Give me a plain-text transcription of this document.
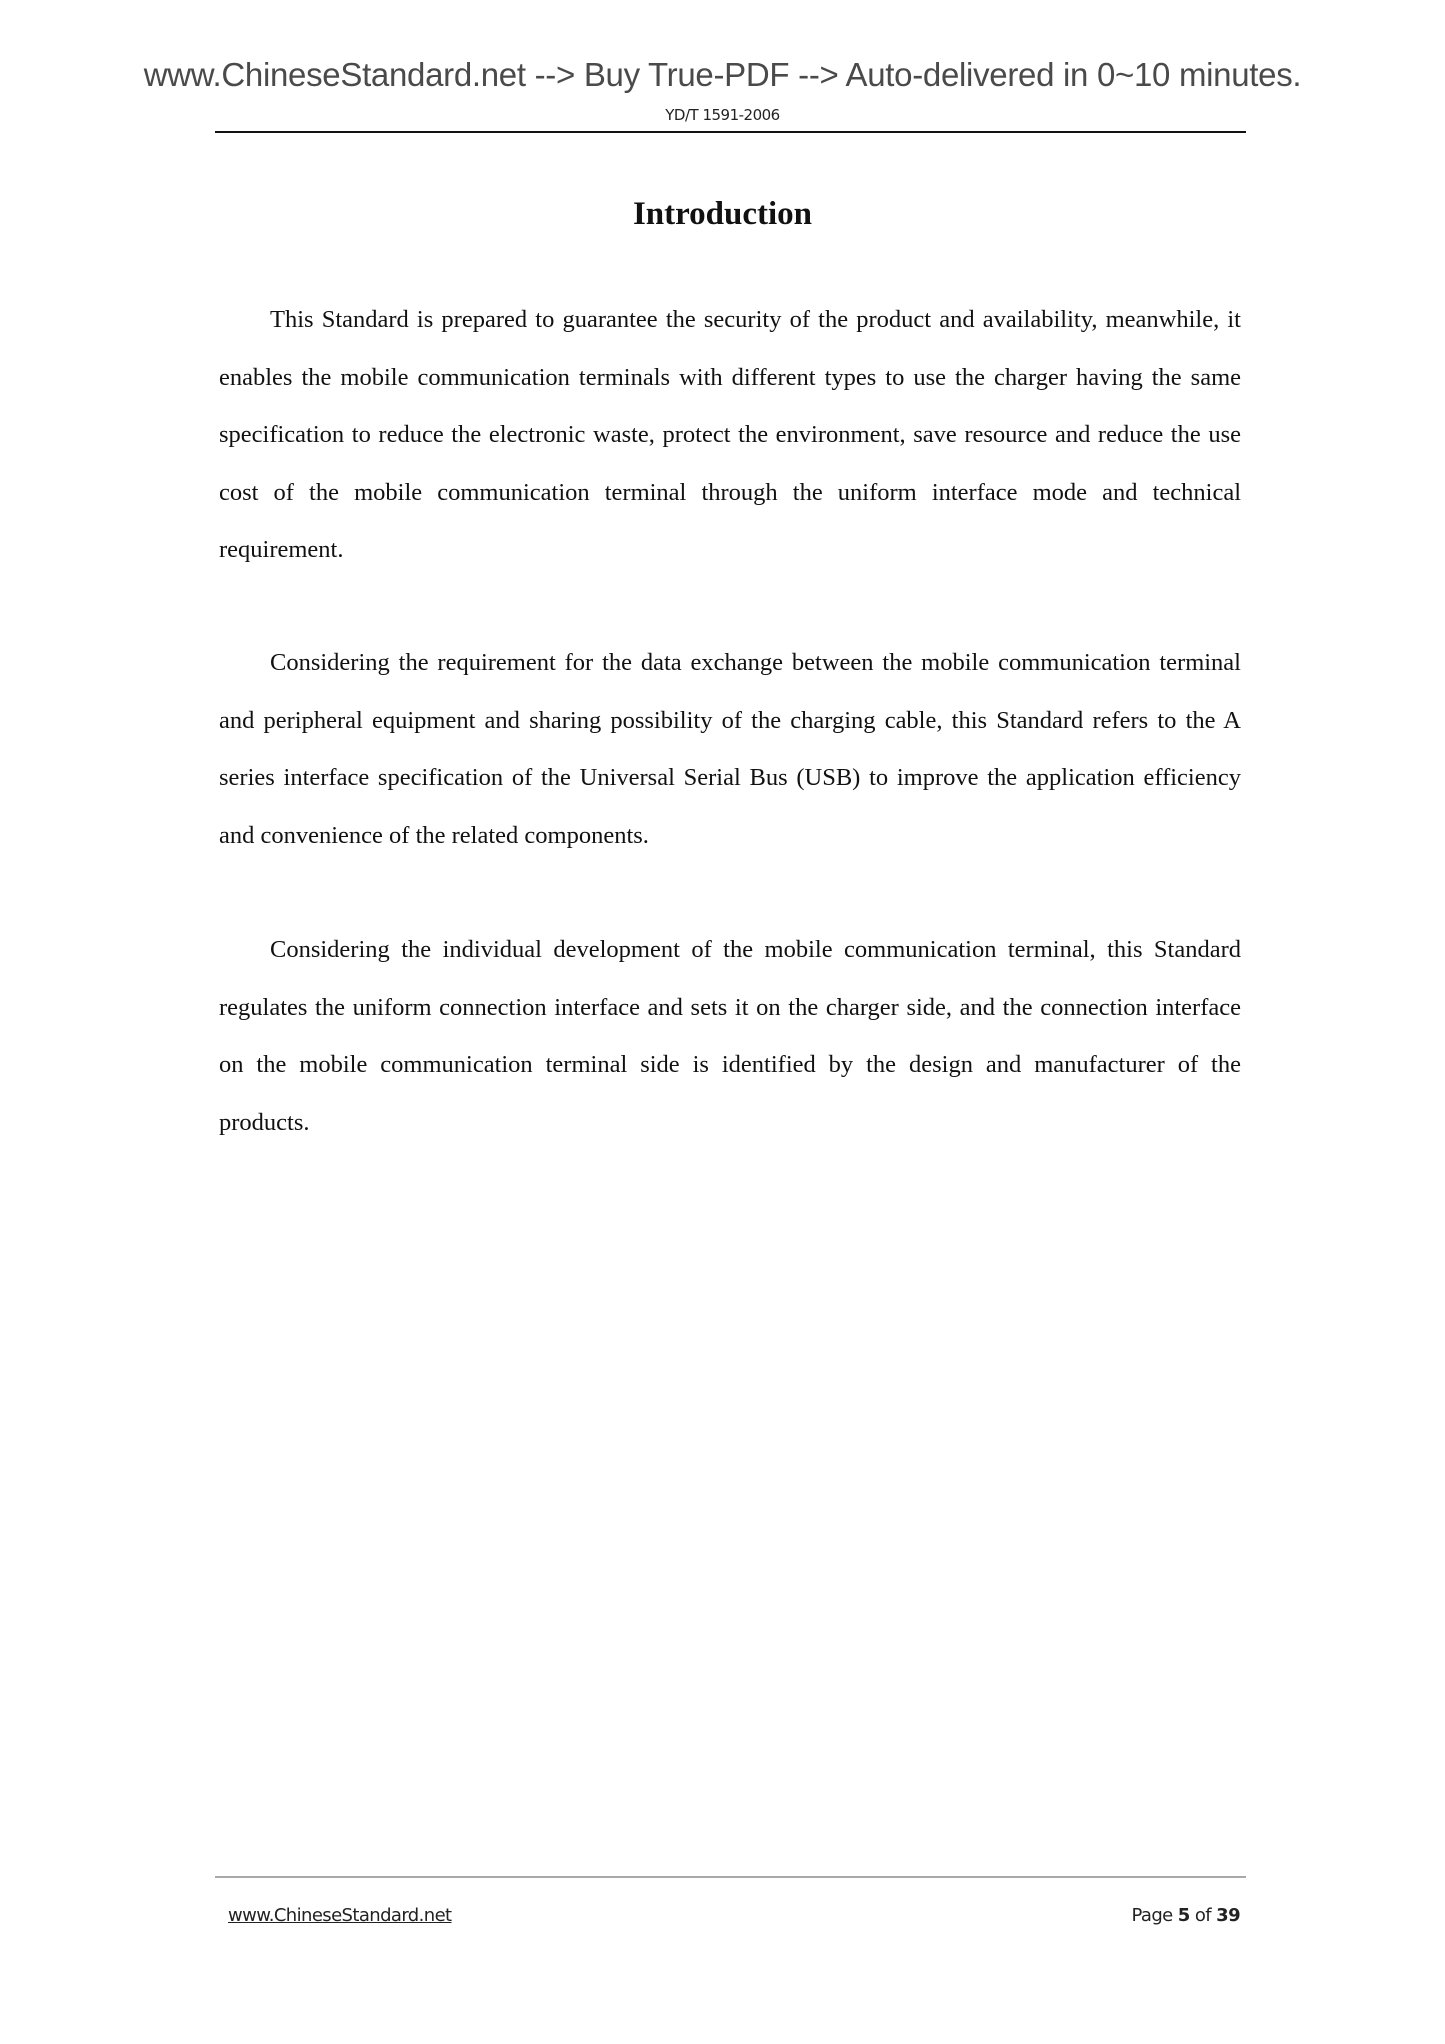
www.ChineseStandard.net --> Buy True-PDF --> Auto-delivered in 0~10 minutes.
YD/T 1591-2006
Introduction

This Standard is prepared to guarantee the security of the product and availability, meanwhile, it enables the mobile communication terminals with different types to use the charger having the same specification to reduce the electronic waste, protect the environment, save resource and reduce the use cost of the mobile communication terminal through the uniform interface mode and technical requirement.

Considering the requirement for the data exchange between the mobile communication terminal and peripheral equipment and sharing possibility of the charging cable, this Standard refers to the A series interface specification of the Universal Serial Bus (USB) to improve the application efficiency and convenience of the related components.

Considering the individual development of the mobile communication terminal, this Standard regulates the uniform connection interface and sets it on the charger side, and the connection interface on the mobile communication terminal side is identified by the design and manufacturer of the products.

www.ChineseStandard.net	Page 5 of 39
